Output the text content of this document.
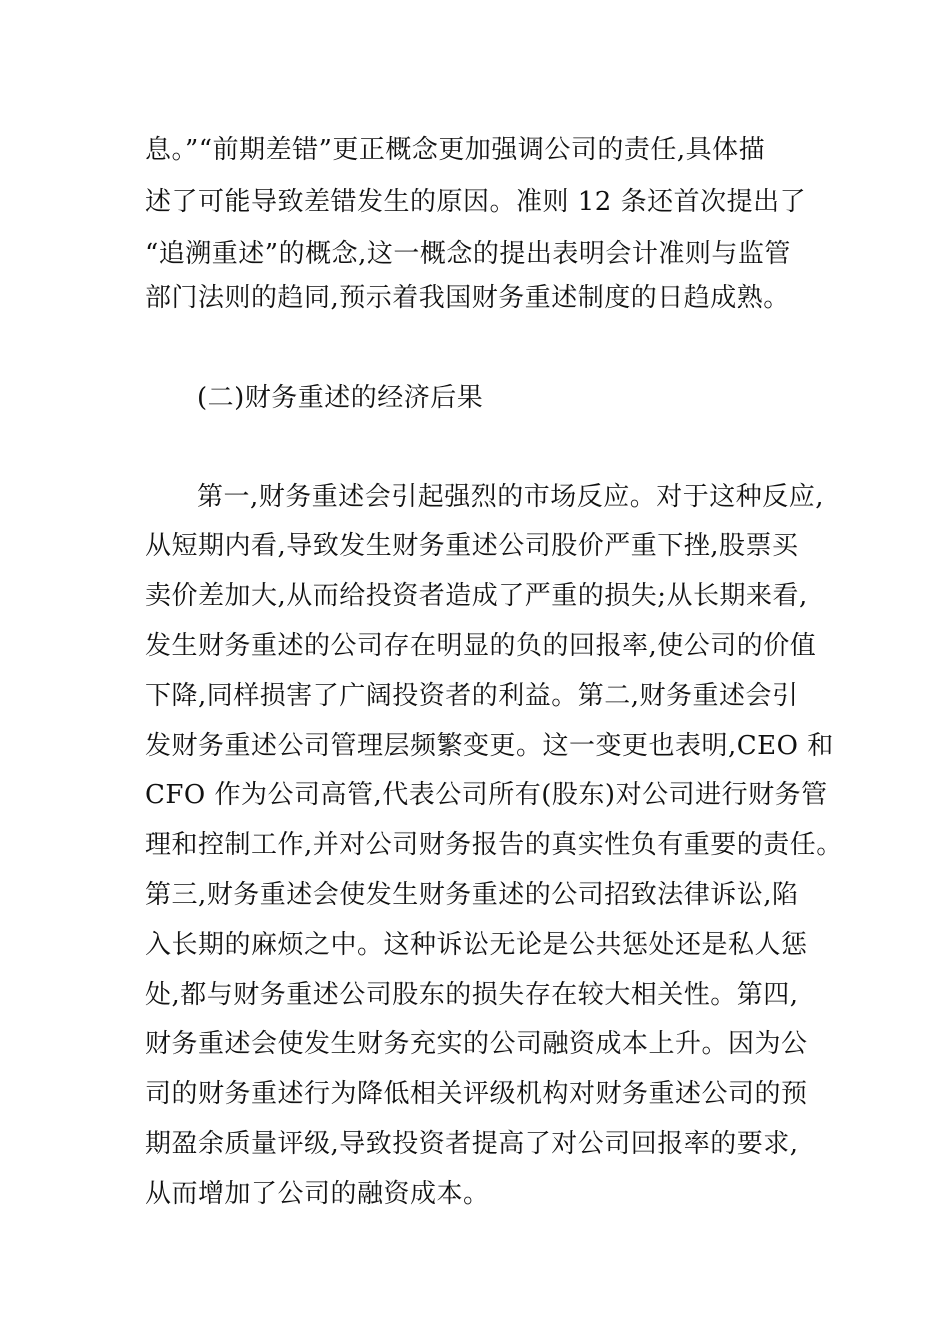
息。”“前期差错”更正概念更加强调公司的责任,具体描
述了可能导致差错发生的原因。准则 12 条还首次提出了
“追溯重述”的概念,这一概念的提出表明会计准则与监管
部门法则的趋同,预示着我国财务重述制度的日趋成熟。
(二)财务重述的经济后果
第一,财务重述会引起强烈的市场反应。对于这种反应,
从短期内看,导致发生财务重述公司股价严重下挫,股票买
卖价差加大,从而给投资者造成了严重的损失;从长期来看,
发生财务重述的公司存在明显的负的回报率,使公司的价值
下降,同样损害了广阔投资者的利益。第二,财务重述会引
发财务重述公司管理层频繁变更。这一变更也表明,CEO 和
CFO 作为公司高管,代表公司所有(股东)对公司进行财务管
理和控制工作,并对公司财务报告的真实性负有重要的责任。
第三,财务重述会使发生财务重述的公司招致法律诉讼,陷
入长期的麻烦之中。这种诉讼无论是公共惩处还是私人惩
处,都与财务重述公司股东的损失存在较大相关性。第四,
财务重述会使发生财务充实的公司融资成本上升。因为公
司的财务重述行为降低相关评级机构对财务重述公司的预
期盈余质量评级,导致投资者提高了对公司回报率的要求,
从而增加了公司的融资成本。
